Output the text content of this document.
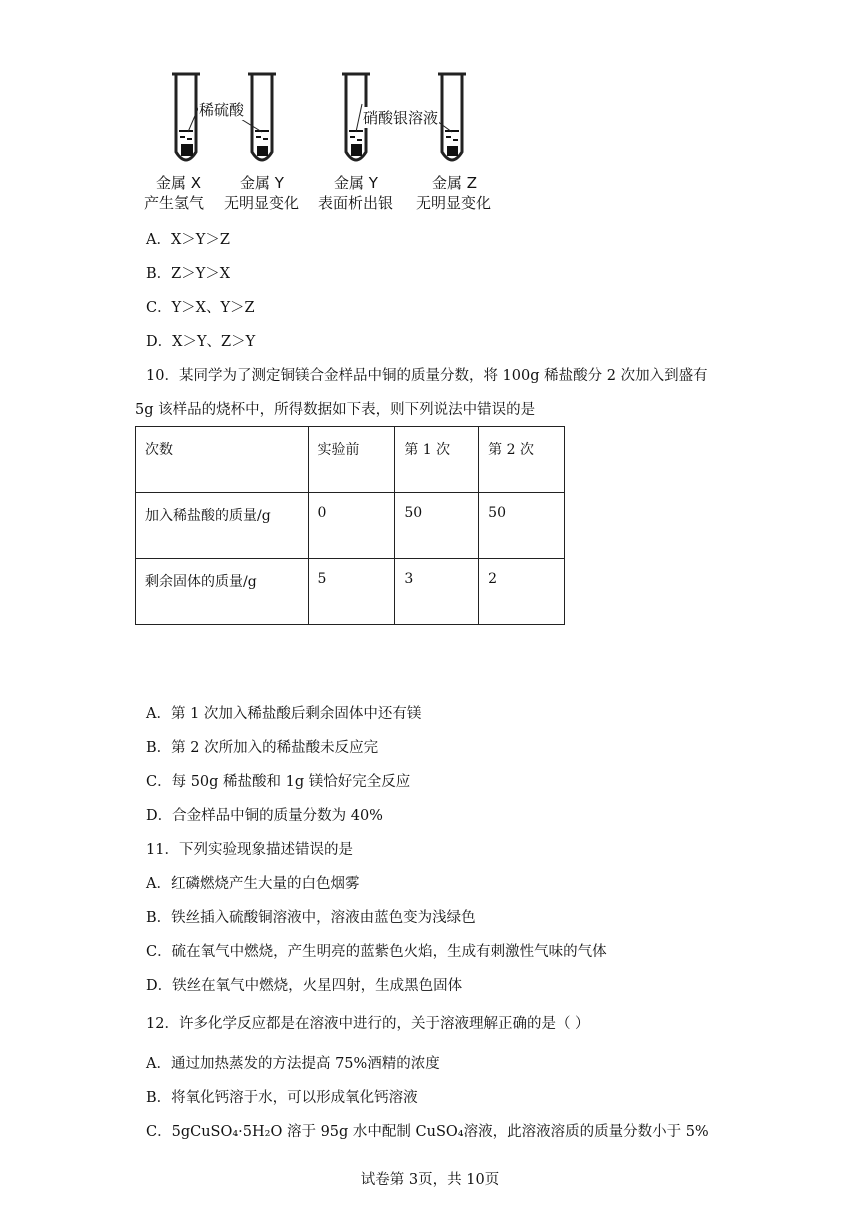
稀硫酸	硝酸银溶液
金属 X
产生氢气
金属 Y
无明显变化
金属 Y
表面析出银
金属 Z
无明显变化
A．X＞Y＞Z
B．Z＞Y＞X
C．Y＞X、Y＞Z
D．X＞Y、Z＞Y
10．某同学为了测定铜镁合金样品中铜的质量分数，将 100g 稀盐酸分 2 次加入到盛有
5g 该样品的烧杯中，所得数据如下表，则下列说法中错误的是
次数	实验前	第 1 次	第 2 次
加入稀盐酸的质量/g	0	50	50
剩余固体的质量/g	5	3	2
A．第 1 次加入稀盐酸后剩余固体中还有镁
B．第 2 次所加入的稀盐酸未反应完
C．每 50g 稀盐酸和 1g 镁恰好完全反应
D．合金样品中铜的质量分数为 40%
11．下列实验现象描述错误的是
A．红磷燃烧产生大量的白色烟雾
B．铁丝插入硫酸铜溶液中，溶液由蓝色变为浅绿色
C．硫在氧气中燃烧，产生明亮的蓝紫色火焰，生成有刺激性气味的气体
D．铁丝在氧气中燃烧，火星四射，生成黑色固体
12．许多化学反应都是在溶液中进行的，关于溶液理解正确的是（ ）
A．通过加热蒸发的方法提高 75%酒精的浓度
B．将氧化钙溶于水，可以形成氧化钙溶液
C．5gCuSO₄·5H₂O 溶于 95g 水中配制 CuSO₄溶液，此溶液溶质的质量分数小于 5%
试卷第 3页，共 10页
